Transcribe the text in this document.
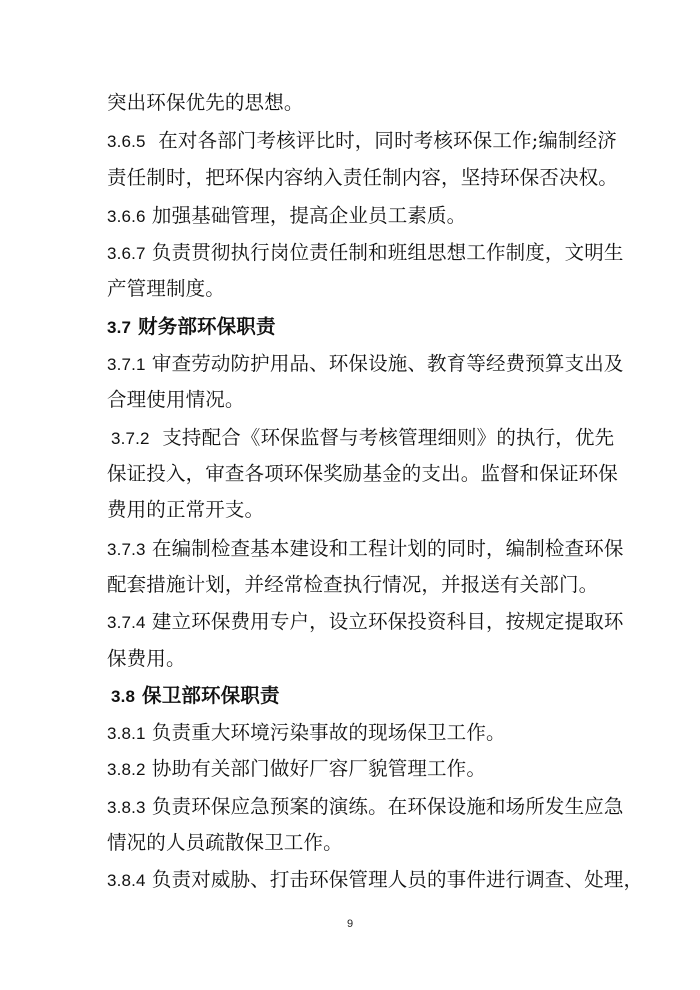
突出环保优先的思想。
3.6.5 在对各部门考核评比时，同时考核环保工作;编制经济
责任制时，把环保内容纳入责任制内容，坚持环保否决权。
3.6.6 加强基础管理，提高企业员工素质。
3.6.7 负责贯彻执行岗位责任制和班组思想工作制度，文明生
产管理制度。
3.7 财务部环保职责
3.7.1 审查劳动防护用品、环保设施、教育等经费预算支出及
合理使用情况。
3.7.2 支持配合《环保监督与考核管理细则》的执行，优先
保证投入，审查各项环保奖励基金的支出。监督和保证环保
费用的正常开支。
3.7.3 在编制检查基本建设和工程计划的同时，编制检查环保
配套措施计划，并经常检查执行情况，并报送有关部门。
3.7.4 建立环保费用专户，设立环保投资科目，按规定提取环
保费用。
3.8 保卫部环保职责
3.8.1 负责重大环境污染事故的现场保卫工作。
3.8.2 协助有关部门做好厂容厂貌管理工作。
3.8.3 负责环保应急预案的演练。在环保设施和场所发生应急
情况的人员疏散保卫工作。
3.8.4 负责对威胁、打击环保管理人员的事件进行调查、处理，
9
